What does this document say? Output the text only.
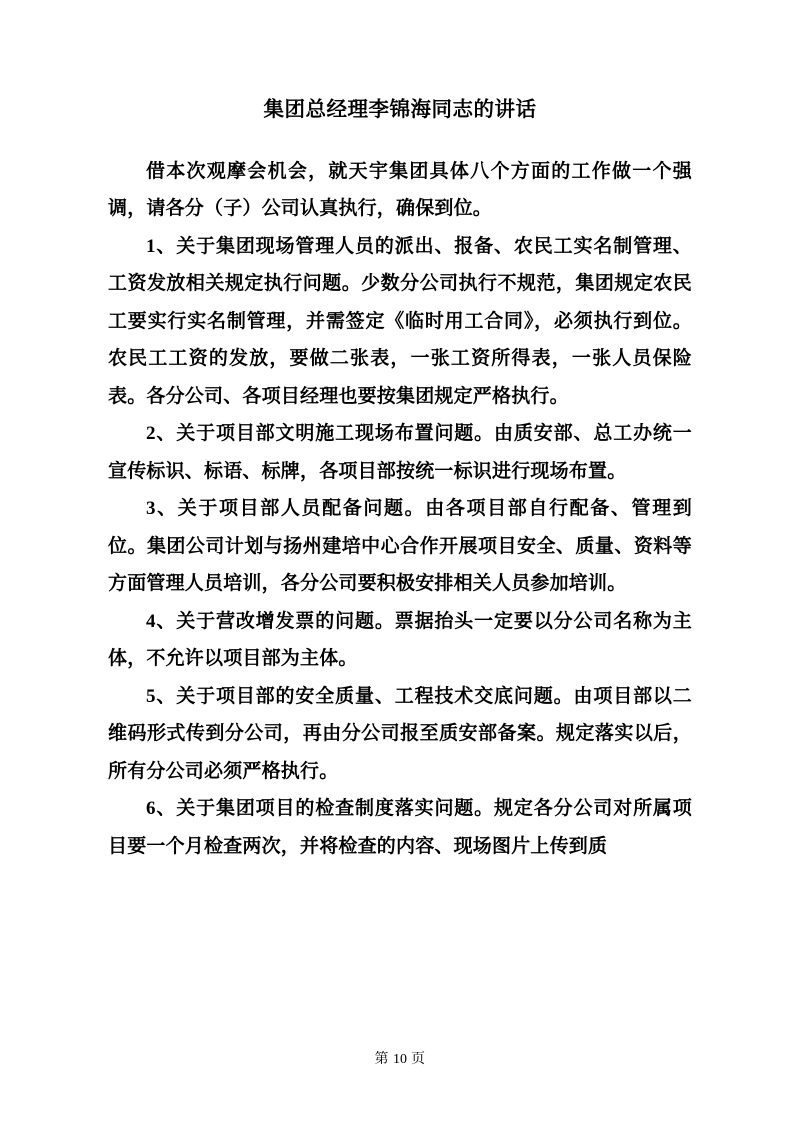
集团总经理李锦海同志的讲话

借本次观摩会机会，就天宇集团具体八个方面的工作做一个强调，请各分（子）公司认真执行，确保到位。

1、关于集团现场管理人员的派出、报备、农民工实名制管理、工资发放相关规定执行问题。少数分公司执行不规范，集团规定农民工要实行实名制管理，并需签定《临时用工合同》，必须执行到位。农民工工资的发放，要做二张表，一张工资所得表，一张人员保险表。各分公司、各项目经理也要按集团规定严格执行。

2、关于项目部文明施工现场布置问题。由质安部、总工办统一宣传标识、标语、标牌，各项目部按统一标识进行现场布置。

3、关于项目部人员配备问题。由各项目部自行配备、管理到位。集团公司计划与扬州建培中心合作开展项目安全、质量、资料等方面管理人员培训，各分公司要积极安排相关人员参加培训。

4、关于营改增发票的问题。票据抬头一定要以分公司名称为主体，不允许以项目部为主体。

5、关于项目部的安全质量、工程技术交底问题。由项目部以二维码形式传到分公司，再由分公司报至质安部备案。规定落实以后，所有分公司必须严格执行。

6、关于集团项目的检查制度落实问题。规定各分公司对所属项目要一个月检查两次，并将检查的内容、现场图片上传到质

第 10 页
